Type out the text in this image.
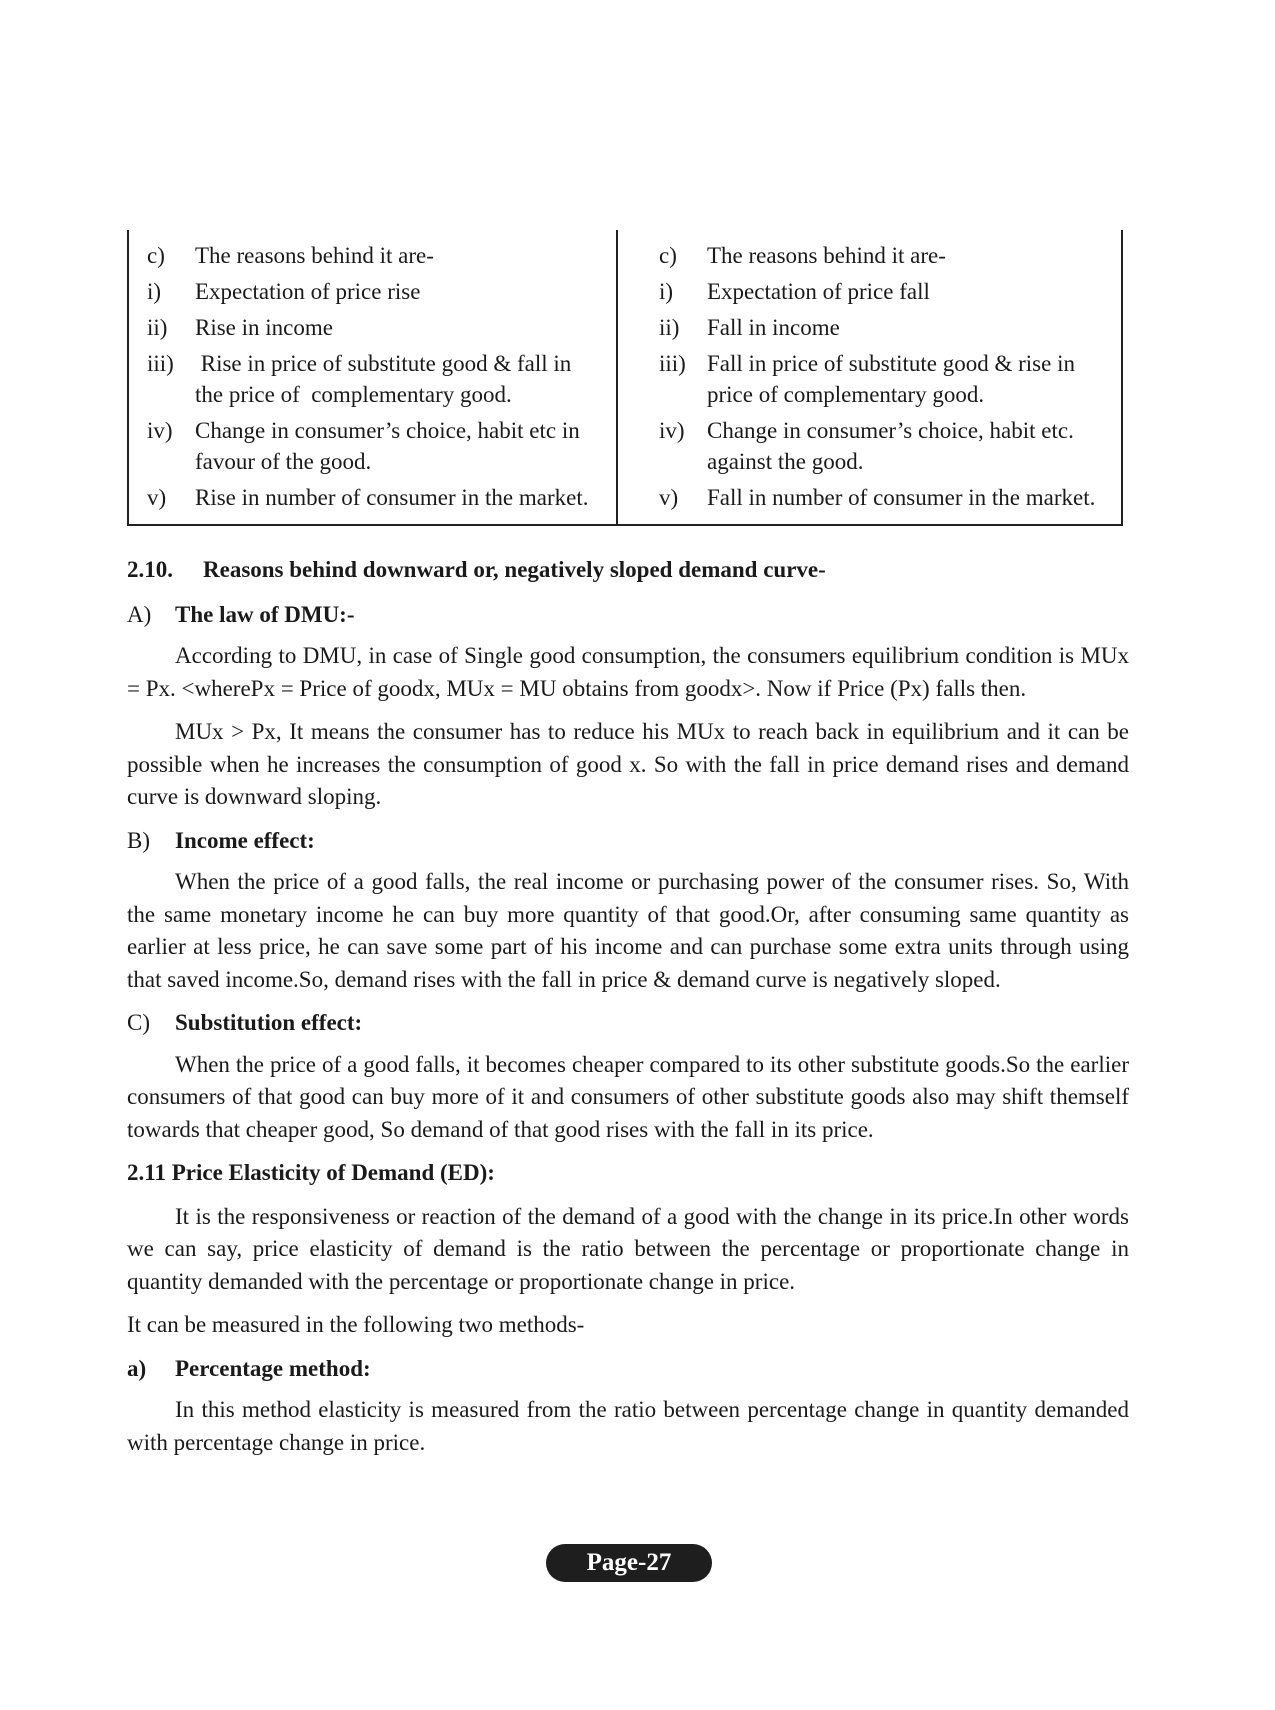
c)	The reasons behind it are-
i)	Expectation of price rise
ii)	Rise in income
iii) Rise in price of substitute good & fall in the price of  complementary good.
iv) Change in consumer’s choice, habit etc in favour of the good.
v)	Rise in number of consumer in the market.
c)	The reasons behind it are-
i)	Expectation of price fall
ii)	Fall in income
iii) Fall in price of substitute good & rise in price of complementary good.
iv) Change in consumer’s choice, habit etc. against the good.
v)	Fall in number of consumer in the market.
2.10.	Reasons behind downward or, negatively sloped demand curve-
A)	The law of DMU:-
According to DMU, in case of Single good consumption, the consumers equilibrium condition is MUx = Px. <wherePx = Price of goodx, MUx = MU obtains from goodx>. Now if Price (Px) falls then.
MUx > Px, It means the consumer has to reduce his MUx to reach back in equilibrium and it can be possible when he increases the consumption of good x. So with the fall in price demand rises and demand curve is downward sloping.
B)	Income effect:
When the price of a good falls, the real income or purchasing power of the consumer rises. So, With the same monetary income he can buy more quantity of that good.Or, after consuming same quantity as earlier at less price, he can save some part of his income and can purchase some extra units through using that saved income.So, demand rises with the fall in price & demand curve is negatively sloped.
C)	Substitution effect:
When the price of a good falls, it becomes cheaper compared to its other substitute goods.So the earlier consumers of that good can buy more of it and consumers of other substitute goods also may shift themself towards that cheaper good, So demand of that good rises with the fall in its price.
2.11 Price Elasticity of Demand (ED):
It is the responsiveness or reaction of the demand of a good with the change in its price.In other words we can say, price elasticity of demand is the ratio between the percentage or proportionate change in quantity demanded with the percentage or proportionate change in price.
It can be measured in the following two methods-
a)	Percentage method:
In this method elasticity is measured from the ratio between percentage change in quantity demanded with percentage change in price.
Page-27
